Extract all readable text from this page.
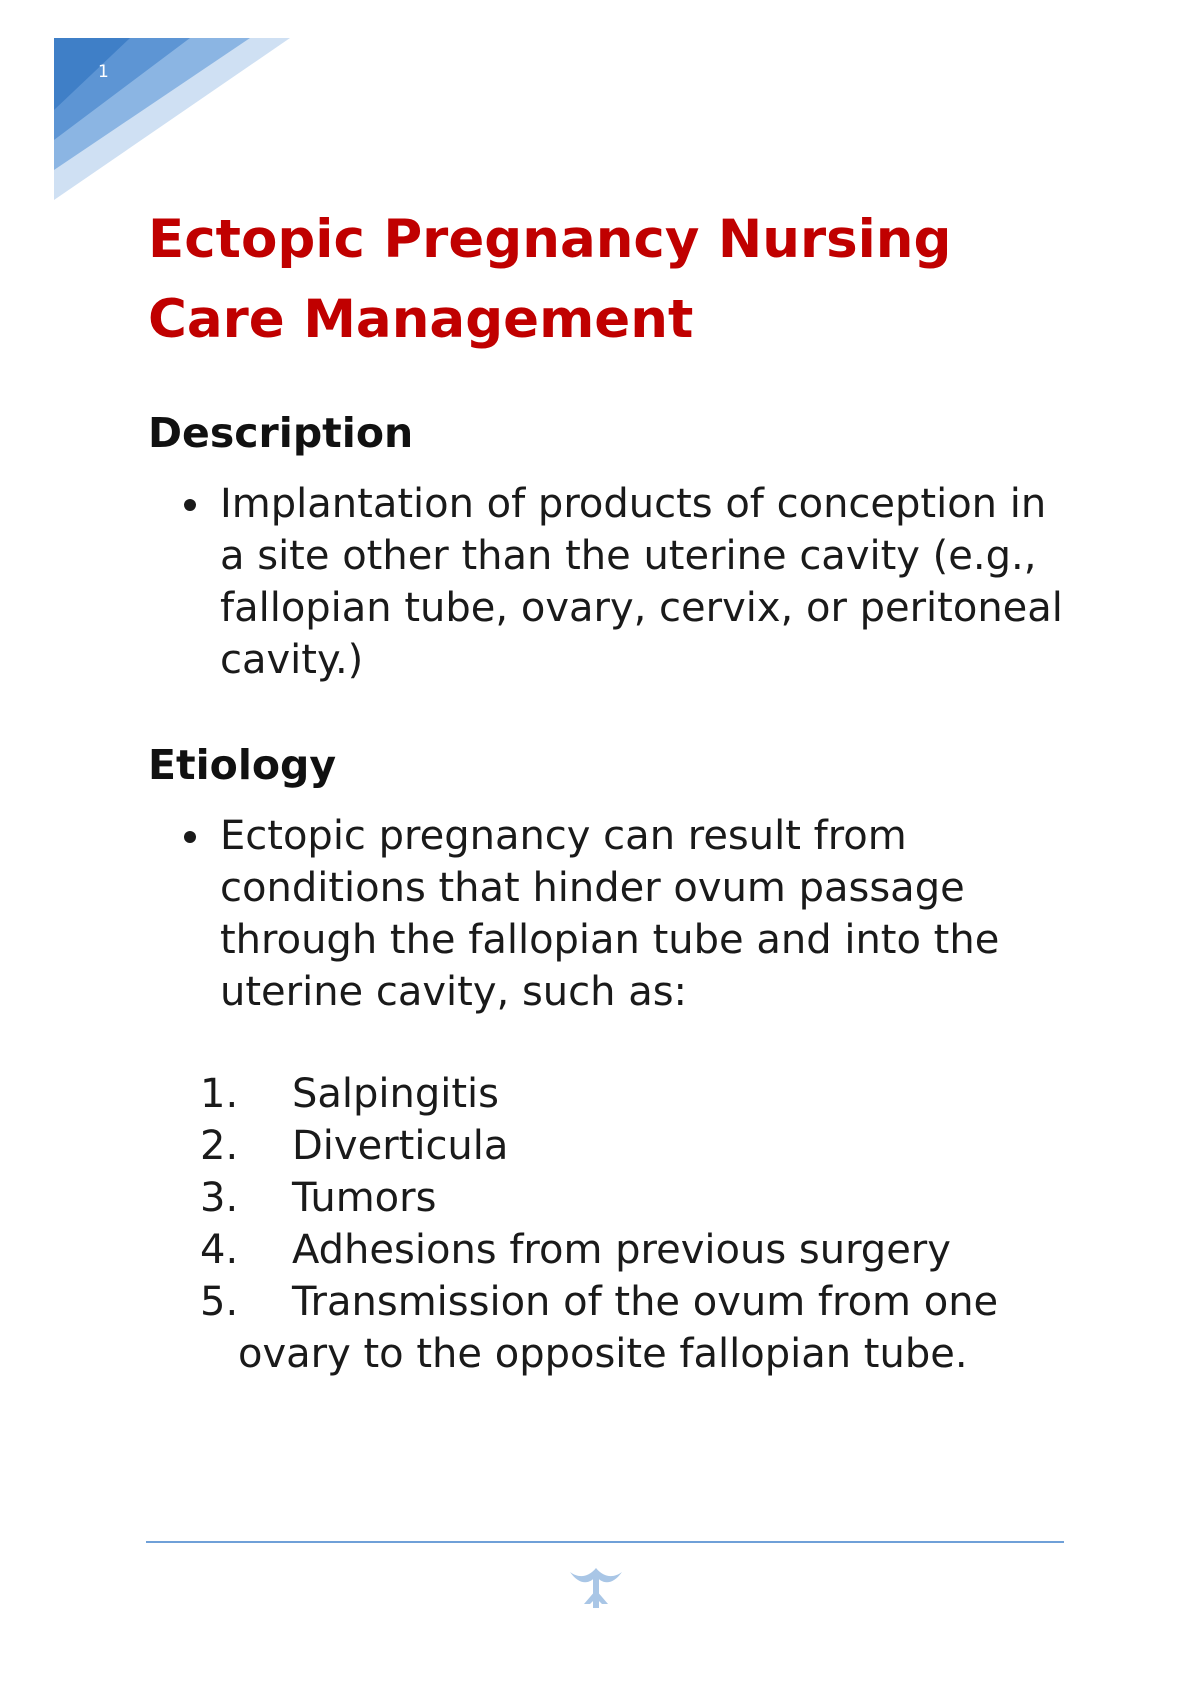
1
Ectopic Pregnancy Nursing Care Management
Description
Implantation of products of conception in a site other than the uterine cavity (e.g., fallopian tube, ovary, cervix, or peritoneal cavity.)
Etiology
Ectopic pregnancy can result from conditions that hinder ovum passage through the fallopian tube and into the uterine cavity, such as:
1. Salpingitis
2. Diverticula
3. Tumors
4. Adhesions from previous surgery
5. Transmission of the ovum from one ovary to the opposite fallopian tube.
